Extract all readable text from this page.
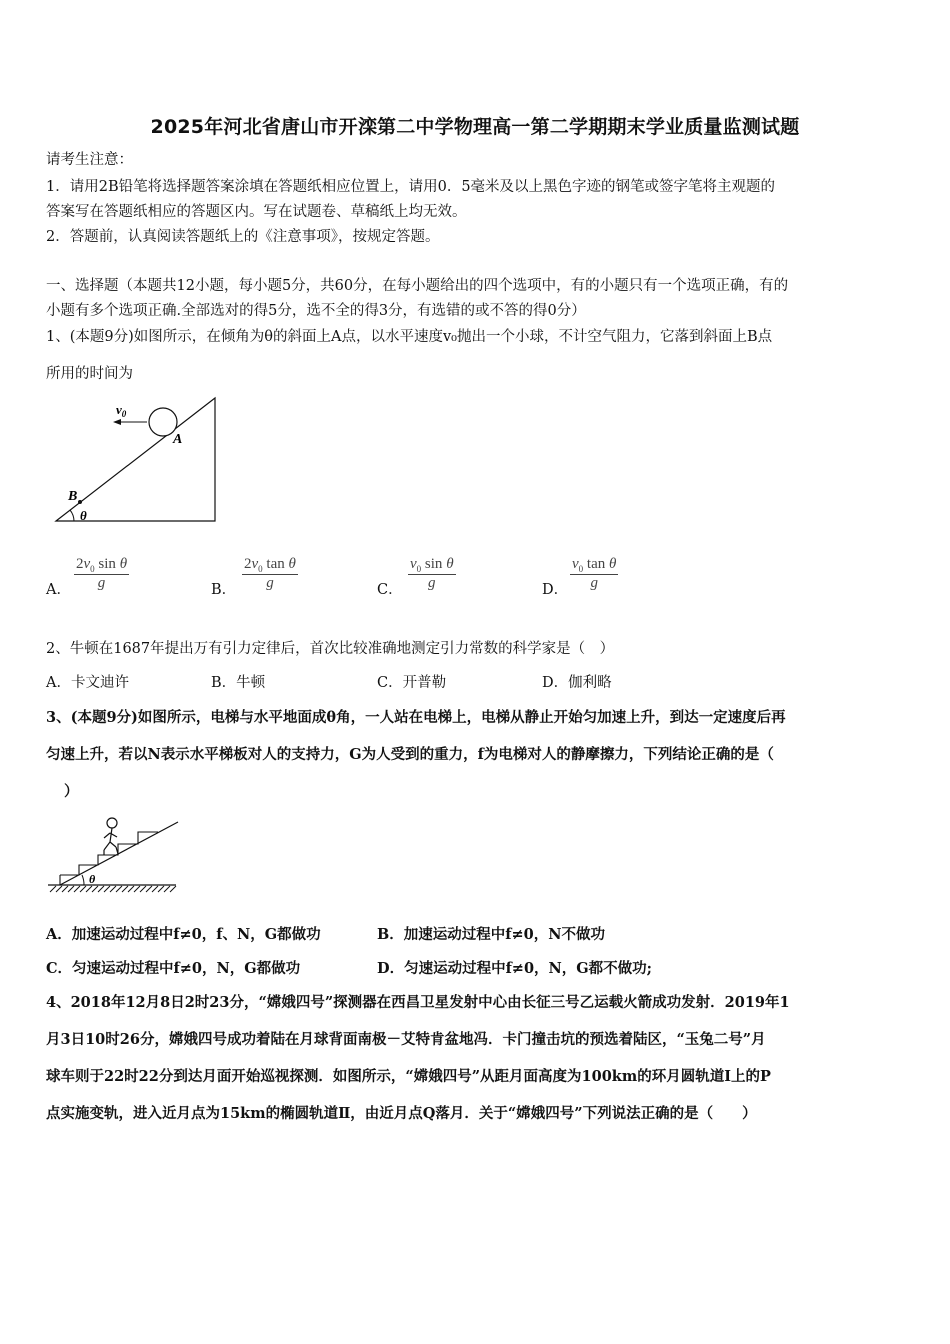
2025年河北省唐山市开滦第二中学物理高一第二学期期末学业质量监测试题
请考生注意：
1．请用2B铅笔将选择题答案涂填在答题纸相应位置上，请用0．5毫米及以上黑色字迹的钢笔或签字笔将主观题的
答案写在答题纸相应的答题区内。写在试题卷、草稿纸上均无效。
2．答题前，认真阅读答题纸上的《注意事项》，按规定答题。
一、选择题（本题共12小题，每小题5分，共60分，在每小题给出的四个选项中，有的小题只有一个选项正确，有的
小题有多个选项正确.全部选对的得5分，选不全的得3分，有选错的或不答的得0分）
1、(本题9分)如图所示，在倾角为θ的斜面上A点，以水平速度v₀抛出一个小球，不计空气阻力，它落到斜面上B点
所用的时间为
$v_0$
A
B
θ
A． $\frac{2v_0 \sin \theta}{g}$	B． $\frac{2v_0 \tan \theta}{g}$	C． $\frac{v_0 \sin \theta}{g}$	D． $\frac{v_0 \tan \theta}{g}$
2、牛顿在1687年提出万有引力定律后，首次比较准确地测定引力常数的科学家是（　）
A．卡文迪许	B．牛顿	C．开普勒	D．伽利略
3、(本题9分)如图所示，电梯与水平地面成θ角，一人站在电梯上，电梯从静止开始匀加速上升，到达一定速度后再
匀速上升，若以N表示水平梯板对人的支持力，G为人受到的重力，f为电梯对人的静摩擦力，下列结论正确的是（
）
θ
A．加速运动过程中f≠0，f、N，G都做功	B．加速运动过程中f≠0，N不做功
C．匀速运动过程中f≠0，N，G都做功	D．匀速运动过程中f≠0，N，G都不做功;
4、2018年12月8日2时23分，“嫦娥四号”探测器在西昌卫星发射中心由长征三号乙运载火箭成功发射．2019年1
月3日10时26分，嫦娥四号成功着陆在月球背面南极－艾特肯盆地冯．卡门撞击坑的预选着陆区，“玉兔二号”月
球车则于22时22分到达月面开始巡视探测．如图所示，“嫦娥四号”从距月面高度为100km的环月圆轨道Ⅰ上的P
点实施变轨，进入近月点为15km的椭圆轨道Ⅱ，由近月点Q落月．关于“嫦娥四号”下列说法正确的是（　　）
